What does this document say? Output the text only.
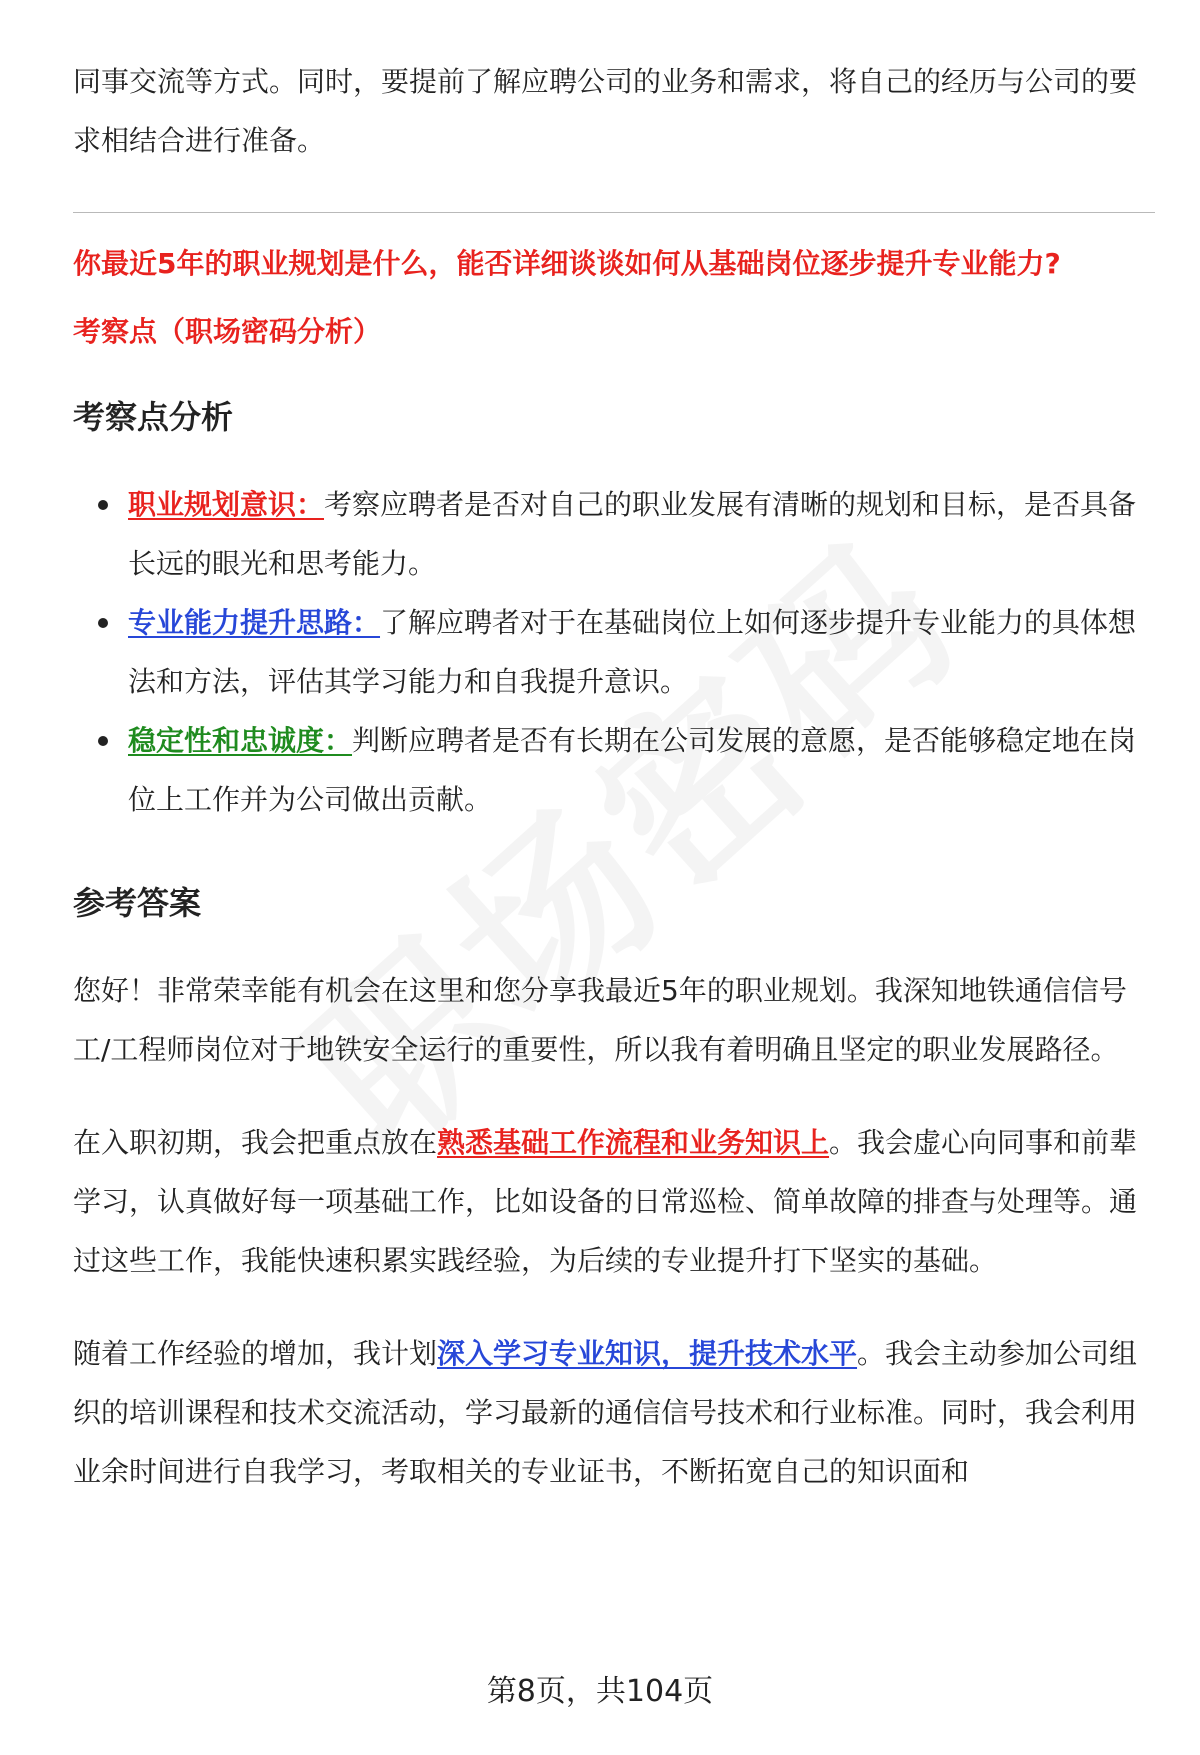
同事交流等方式。同时，要提前了解应聘公司的业务和需求，将自己的经历与公司的要求相结合进行准备。

你最近5年的职业规划是什么，能否详细谈谈如何从基础岗位逐步提升专业能力?

考察点（职场密码分析）

考察点分析
职业规划意识：考察应聘者是否对自己的职业发展有清晰的规划和目标，是否具备长远的眼光和思考能力。
专业能力提升思路：了解应聘者对于在基础岗位上如何逐步提升专业能力的具体想法和方法，评估其学习能力和自我提升意识。
稳定性和忠诚度：判断应聘者是否有长期在公司发展的意愿，是否能够稳定地在岗位上工作并为公司做出贡献。
参考答案

您好！非常荣幸能有机会在这里和您分享我最近5年的职业规划。我深知地铁通信信号工/工程师岗位对于地铁安全运行的重要性，所以我有着明确且坚定的职业发展路径。

在入职初期，我会把重点放在熟悉基础工作流程和业务知识上。我会虚心向同事和前辈学习，认真做好每一项基础工作，比如设备的日常巡检、简单故障的排查与处理等。通过这些工作，我能快速积累实践经验，为后续的专业提升打下坚实的基础。

随着工作经验的增加，我计划深入学习专业知识，提升技术水平。我会主动参加公司组织的培训课程和技术交流活动，学习最新的通信信号技术和行业标准。同时，我会利用业余时间进行自我学习，考取相关的专业证书，不断拓宽自己的知识面和

第8页，共104页
